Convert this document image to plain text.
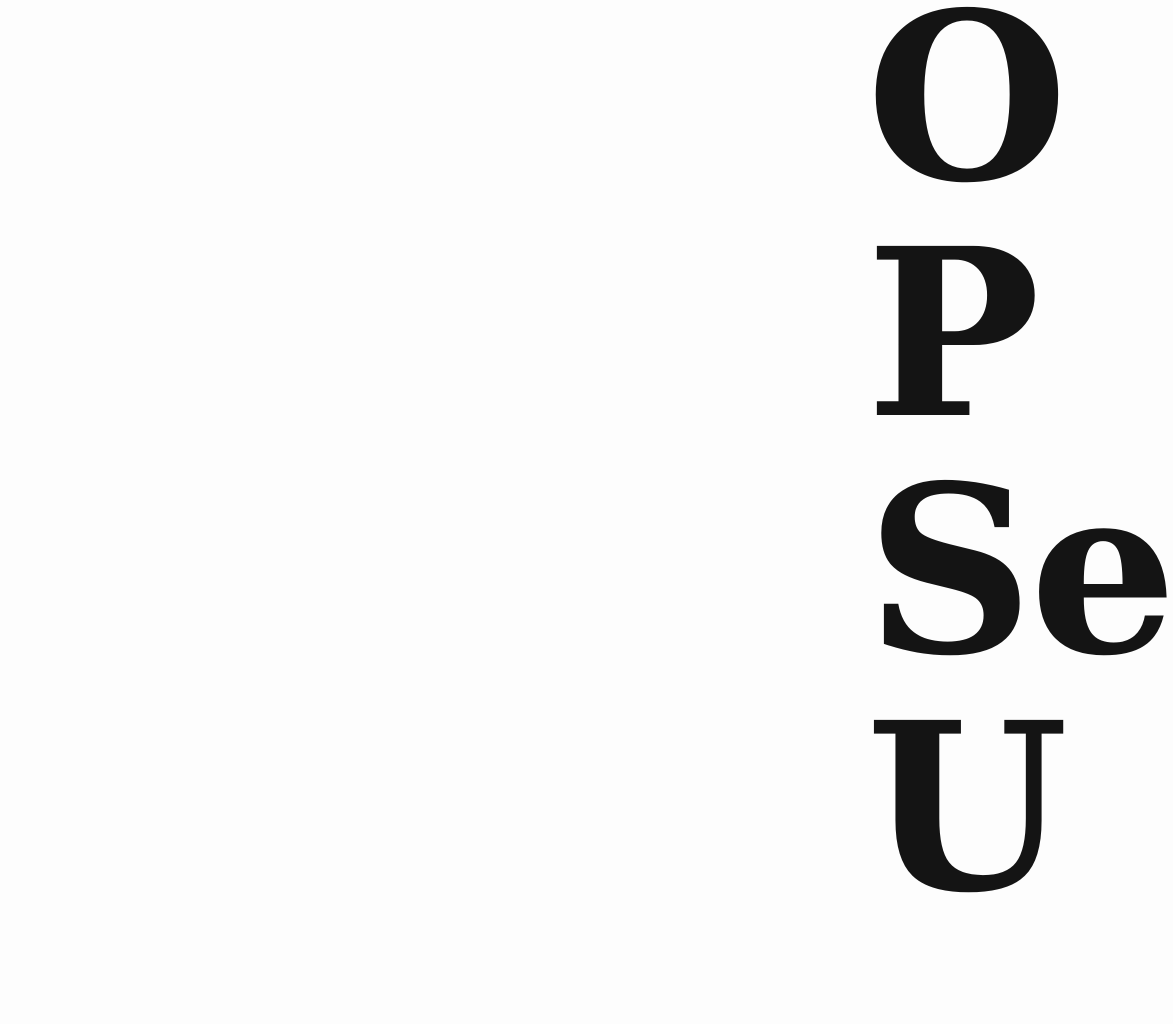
O

P

Se

U
